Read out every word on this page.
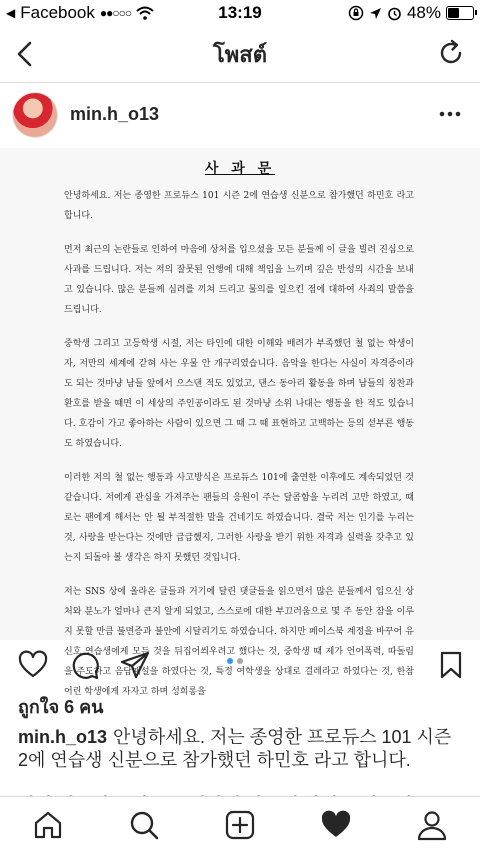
◀ Facebook ●●○○○	13:19	48%
โพสต์
min.h_o13
사 과 문

안녕하세요. 저는 종영한 프로듀스 101 시즌 2에 연습생 신분으로 참가했던 하민호 라고 합니다.

먼저 최근의 논란들로 인하여 마음에 상처를 입으셨을 모든 분들께 이 글을 빌려 진심으로 사과를 드립니다. 저는 저의 잘못된 언행에 대해 책임을 느끼며 깊은 반성의 시간을 보내고 있습니다. 많은 분들께 심려를 끼쳐 드리고 물의를 일으킨 점에 대하여 사죄의 말씀을 드립니다.

중학생 그리고 고등학생 시절, 저는 타인에 대한 이해와 배려가 부족했던 철 없는 학생이자, 저만의 세계에 갇혀 사는 우물 안 개구리였습니다. 음악을 한다는 사실이 자격증이라도 되는 것마냥 남들 앞에서 으스댄 적도 있었고, 댄스 동아리 활동을 하며 남들의 칭찬과 환호를 받을 때면 이 세상의 주인공이라도 된 것마냥 소위 나대는 행동을 한 적도 있습니다. 호감이 가고 좋아하는 사람이 있으면 그 때 그 때 표현하고 고백하는 등의 섣부른 행동도 하였습니다.

이러한 저의 철 없는 행동과 사고방식은 프로듀스 101에 출연한 이후에도 계속되었던 것 같습니다. 저에게 관심을 가져주는 팬들의 응원이 주는 달콤함을 누리려 고만 하였고, 때로는 팬에게 해서는 안 될 부적절한 말을 건네기도 하였습니다. 결국 저는 인기를 누리는 것, 사랑을 받는다는 것에만 급급했지, 그러한 사랑을 받기 위한 자격과 실력을 갖추고 있는지 되돌아 볼 생각은 하지 못했던 것입니다.

저는 SNS 상에 올라온 글들과 거기에 달린 댓글들을 읽으면서 많은 분들께서 입으신 상처와 분노가 얼마나 큰지 알게 되었고, 스스로에 대한 부끄러움으로 몇 주 동안 잠을 이루지 못할 만큼 불면증과 불안에 시달리기도 하였습니다. 하지만 페이스북 계정을 바꾸어 유신호 연습생에게 모든 것을 뒤집어씌우려고 했다는 것, 중학생 때 제가 언어폭력, 따돌림을 주도하고 음담패설을 하였다는 것, 특정 여학생을 상대로 걸레라고 하였다는 것, 한참 어린 학생에게 자자고 하며 성희롱을

ถูกใจ 6 คน
min.h_o13 안녕하세요. 저는 종영한 프로듀스 101 시즌 2에 연습생 신분으로 참가했던 하민호 라고 합니다.
